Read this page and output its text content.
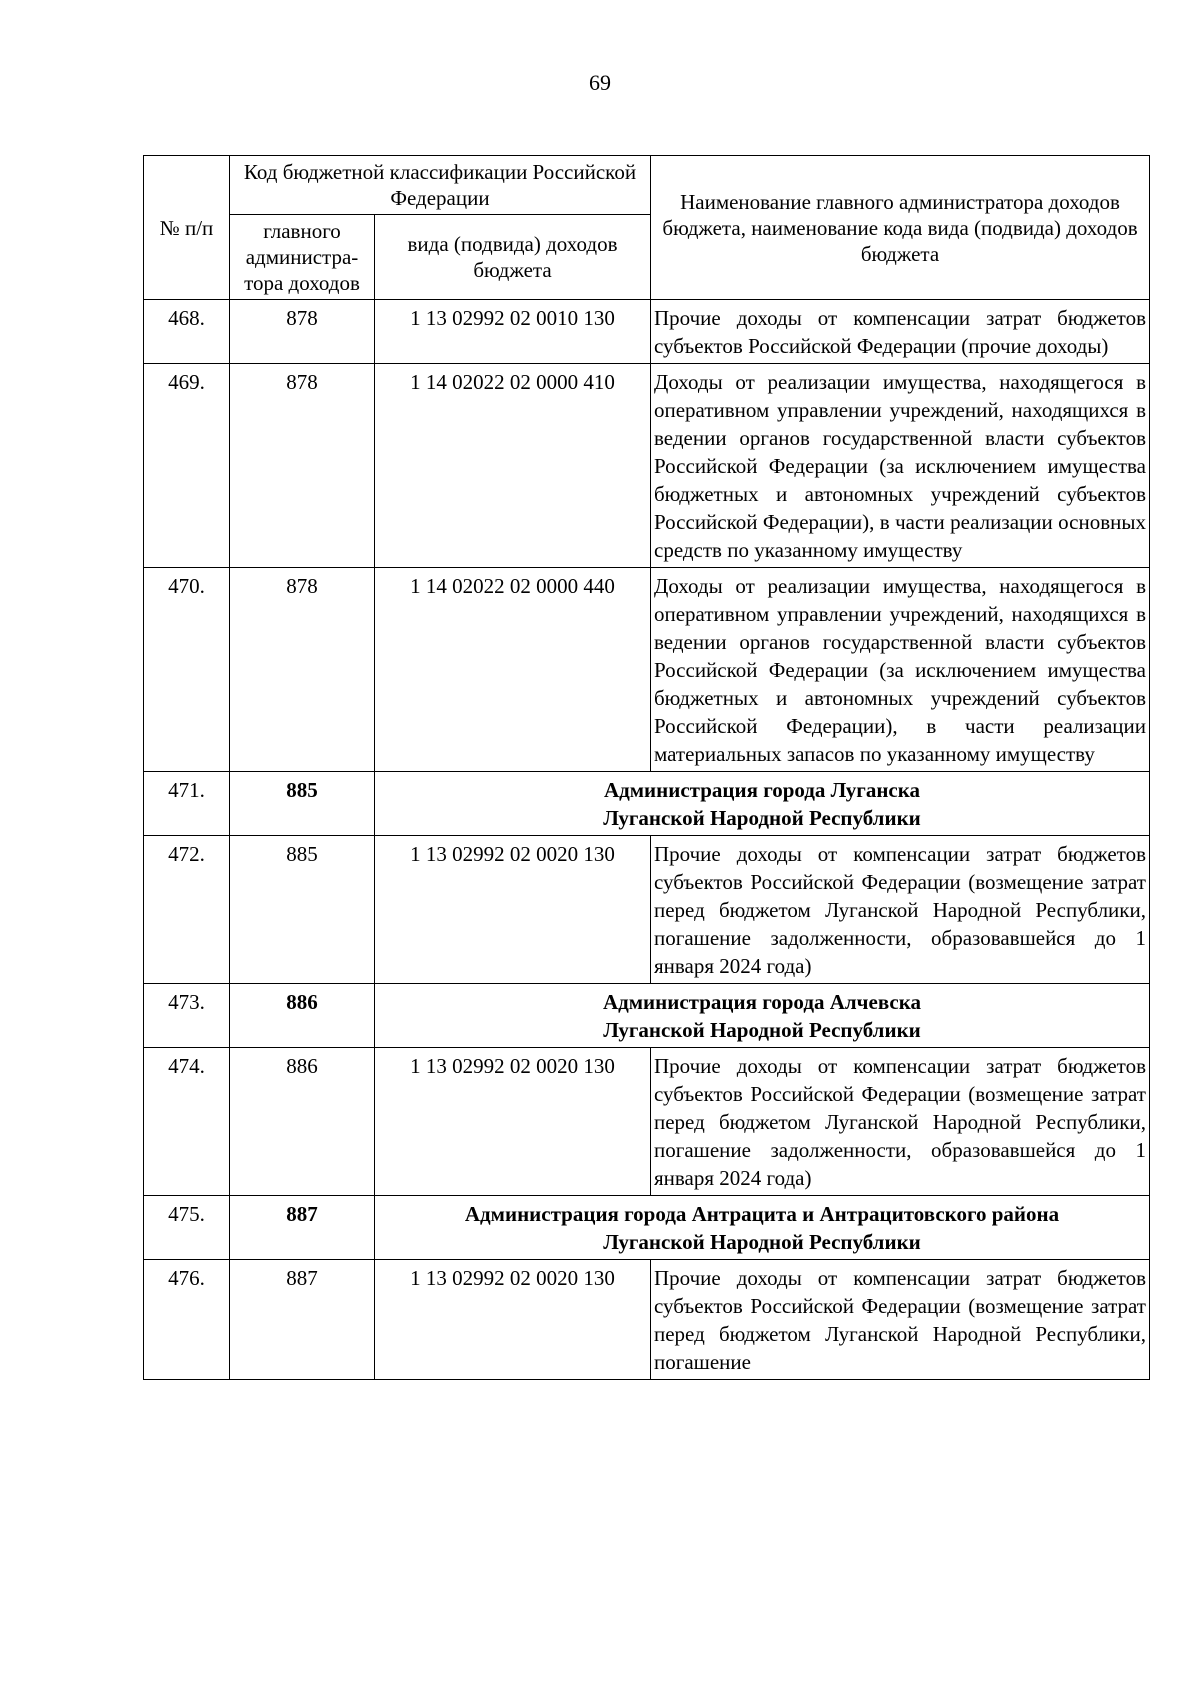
69
№ п/п	Код бюджетной классификации Российской Федерации		Наименование главного администратора доходов бюджета, наименование кода вида (подвида) доходов бюджета
	главного администра-тора доходов	вида (подвида) доходов бюджета	
468.	878	1 13 02992 02 0010 130	Прочие доходы от компенсации затрат бюджетов субъектов Российской Федерации (прочие доходы)
469.	878	1 14 02022 02 0000 410	Доходы от реализации имущества, находящегося в оперативном управлении учреждений, находящихся в ведении органов государственной власти субъектов Российской Федерации (за исключением имущества бюджетных и автономных учреждений субъектов Российской Федерации), в части реализации основных средств по указанному имуществу
470.	878	1 14 02022 02 0000 440	Доходы от реализации имущества, находящегося в оперативном управлении учреждений, находящихся в ведении органов государственной власти субъектов Российской Федерации (за исключением имущества бюджетных и автономных учреждений субъектов Российской Федерации), в части реализации материальных запасов по указанному имуществу
471.	885	Администрация города Луганска
Луганской Народной Республики	

472.	885	1 13 02992 02 0020 130	Прочие доходы от компенсации затрат бюджетов субъектов Российской Федерации (возмещение затрат перед бюджетом Луганской Народной Республики, погашение задолженности, образовавшейся до 1 января 2024 года)
473.	886	Администрация города Алчевска
Луганской Народной Республики	

474.	886	1 13 02992 02 0020 130	Прочие доходы от компенсации затрат бюджетов субъектов Российской Федерации (возмещение затрат перед бюджетом Луганской Народной Республики, погашение задолженности, образовавшейся до 1 января 2024 года)
475.	887	Администрация города Антрацита и Антрацитовского района
Луганской Народной Республики	

476.	887	1 13 02992 02 0020 130	Прочие доходы от компенсации затрат бюджетов субъектов Российской Федерации (возмещение затрат перед бюджетом Луганской Народной Республики, погашение
